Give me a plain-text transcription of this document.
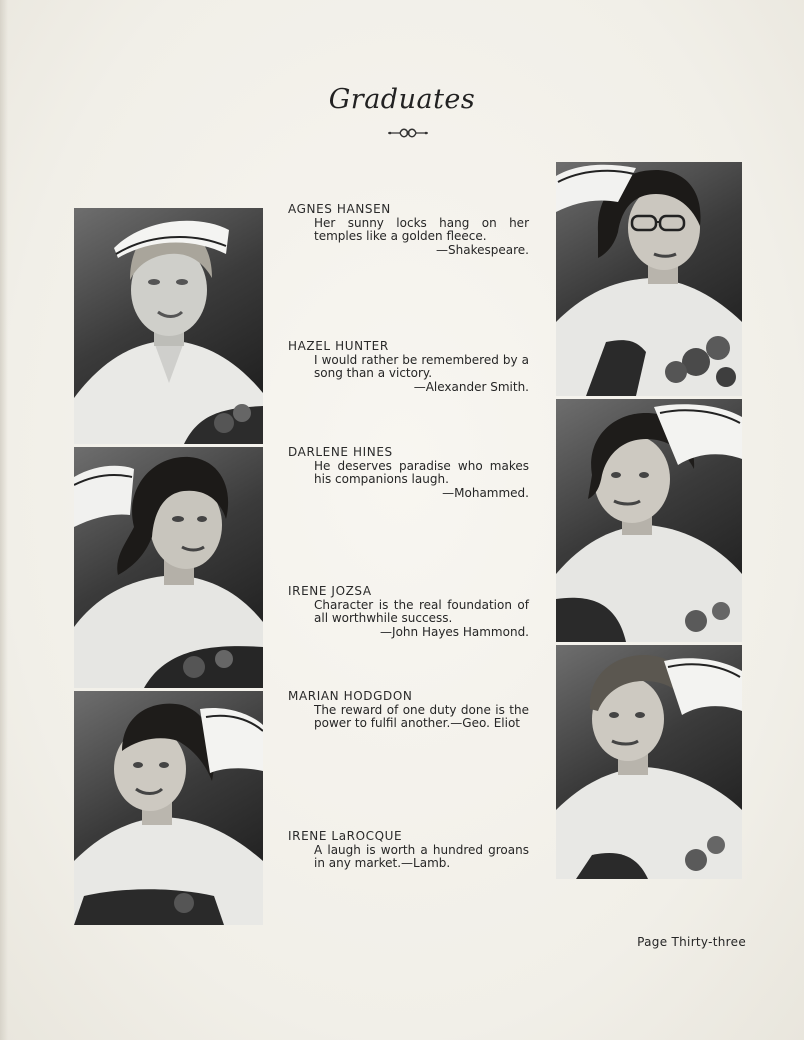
Graduates
AGNES HANSEN
Her sunny locks hang on her temples like a golden fleece.
—Shakespeare.
HAZEL HUNTER
I would rather be remembered by a song than a victory.
—Alexander Smith.
DARLENE HINES
He deserves paradise who makes his companions laugh.
—Mohammed.
IRENE JOZSA
Character is the real foundation of all worthwhile success.
—John Hayes Hammond.
MARIAN HODGDON
The reward of one duty done is the power to fulfil another.—Geo. Eliot
IRENE LaROCQUE
A laugh is worth a hundred groans in any market.—Lamb.
Page Thirty-three
